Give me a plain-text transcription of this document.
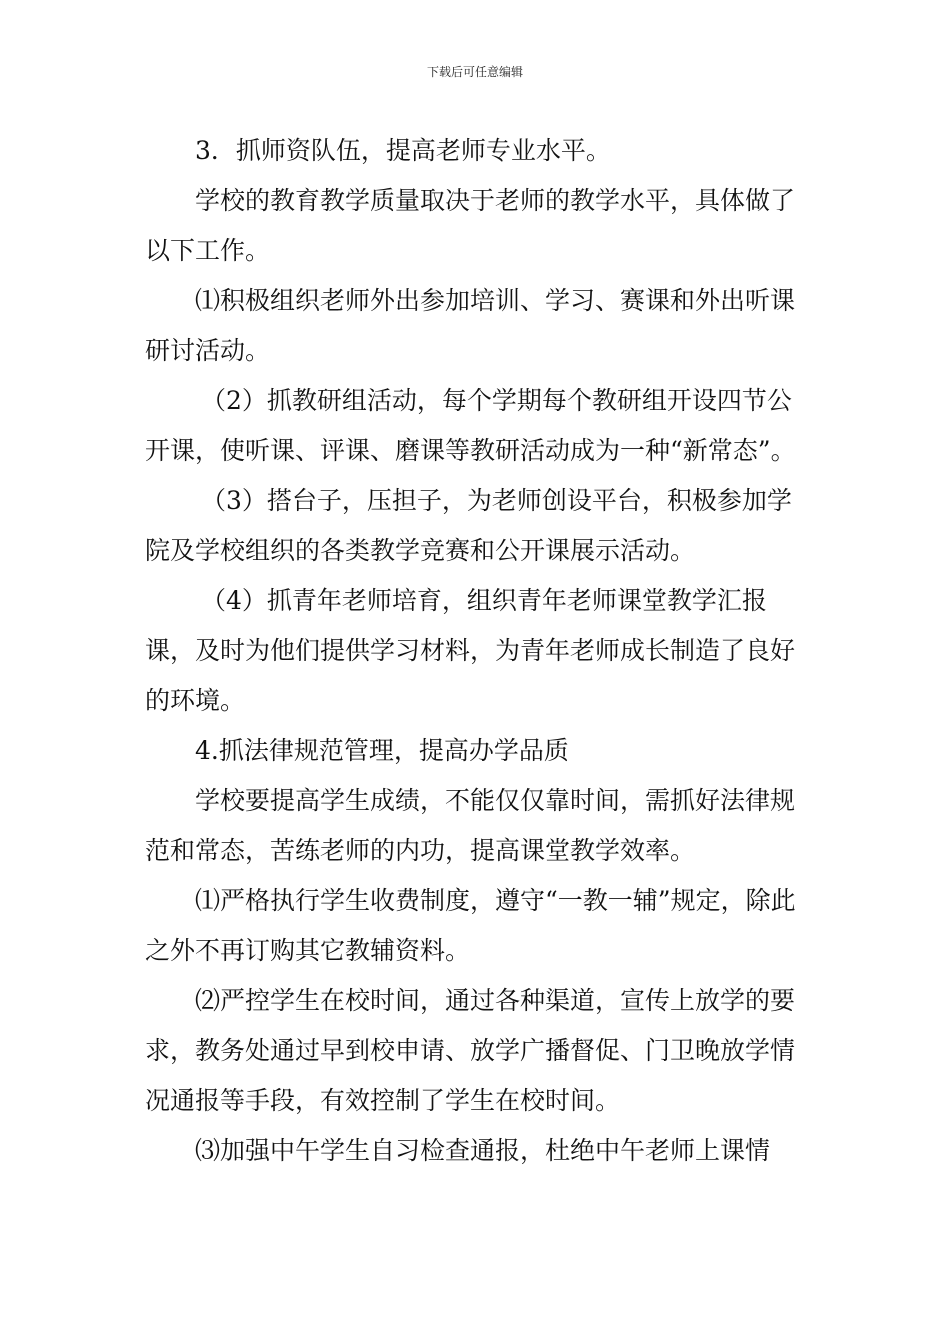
下载后可任意编辑

3．抓师资队伍，提高老师专业水平。

学校的教育教学质量取决于老师的教学水平，具体做了以下工作。

⑴积极组织老师外出参加培训、学习、赛课和外出听课研讨活动。

（2）抓教研组活动，每个学期每个教研组开设四节公开课，使听课、评课、磨课等教研活动成为一种“新常态”。

（3）搭台子，压担子，为老师创设平台，积极参加学院及学校组织的各类教学竞赛和公开课展示活动。

（4）抓青年老师培育，组织青年老师课堂教学汇报课，及时为他们提供学习材料，为青年老师成长制造了良好的环境。

4.抓法律规范管理，提高办学品质

学校要提高学生成绩，不能仅仅靠时间，需抓好法律规范和常态，苦练老师的内功，提高课堂教学效率。

⑴严格执行学生收费制度，遵守“一教一辅”规定，除此之外不再订购其它教辅资料。

⑵严控学生在校时间，通过各种渠道，宣传上放学的要求，教务处通过早到校申请、放学广播督促、门卫晚放学情况通报等手段，有效控制了学生在校时间。

⑶加强中午学生自习检查通报，杜绝中午老师上课情
